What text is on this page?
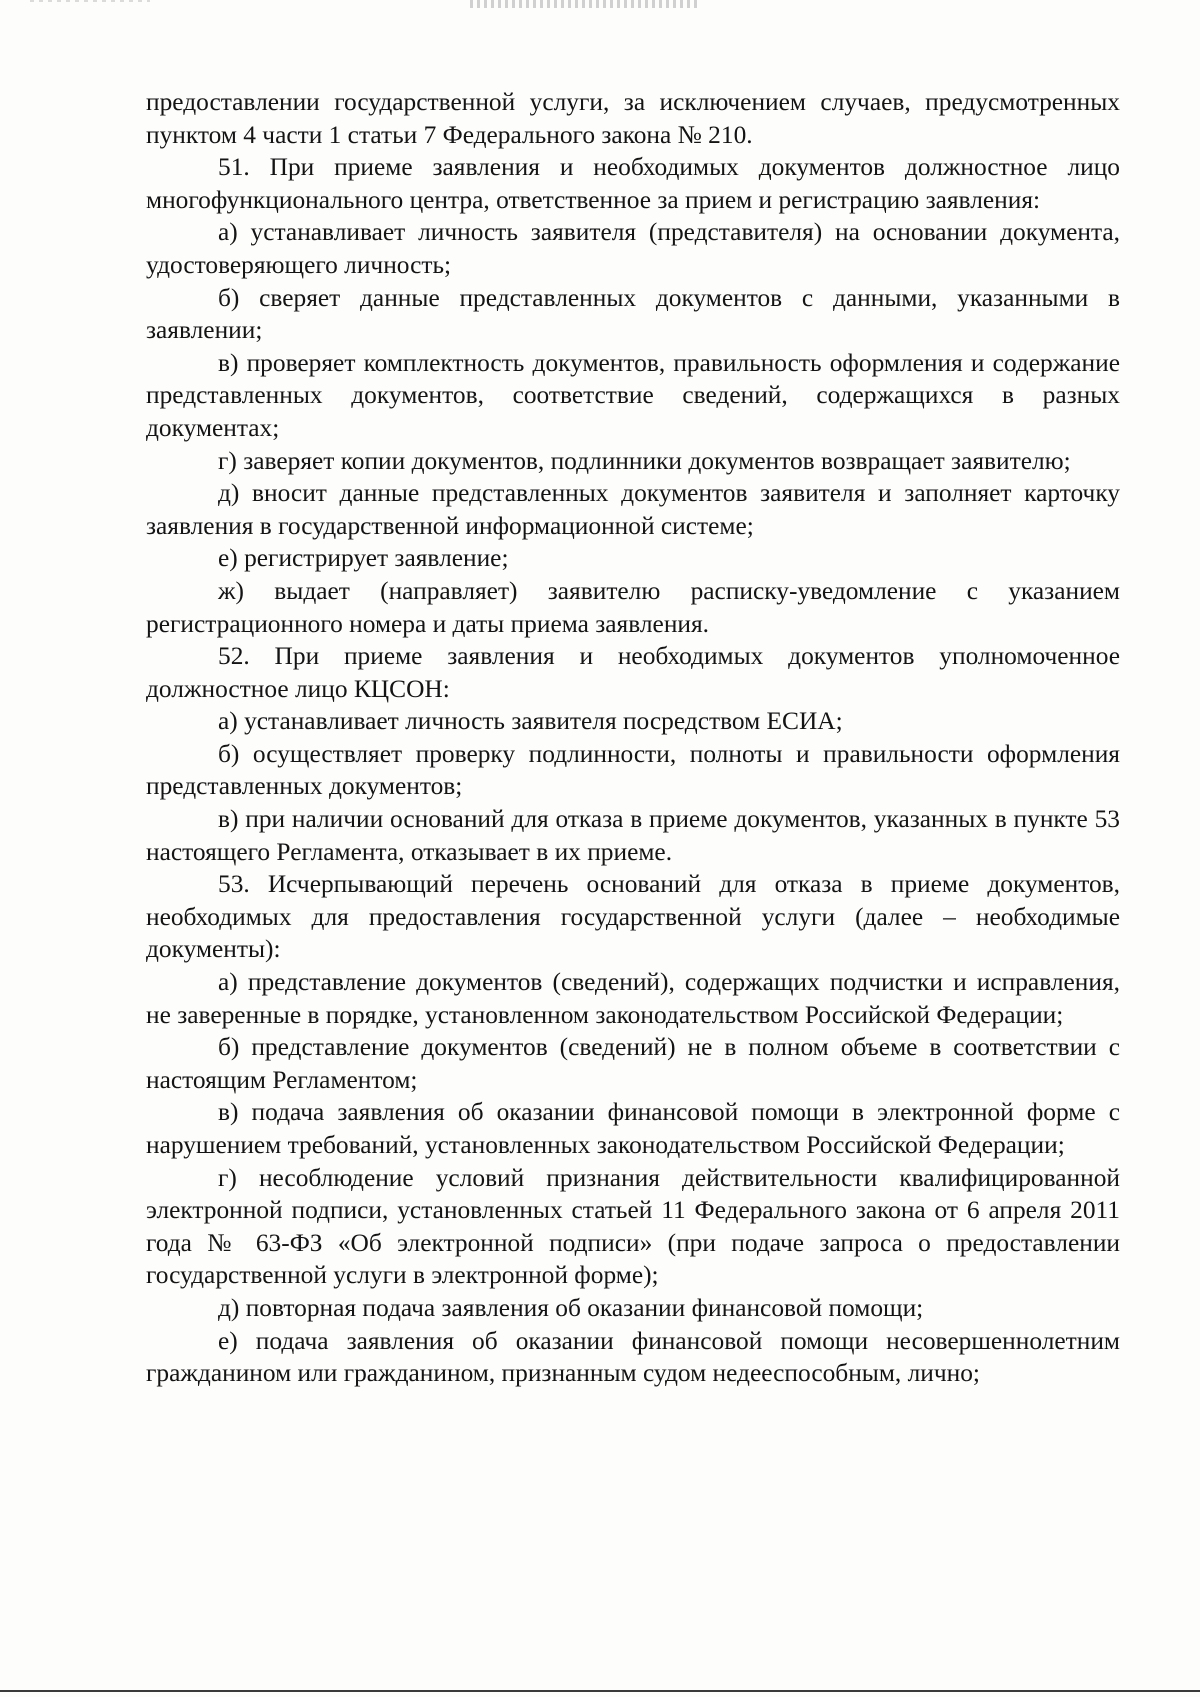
предоставлении государственной услуги, за исключением случаев, предусмотренных пунктом 4 части 1 статьи 7 Федерального закона № 210.

51. При приеме заявления и необходимых документов должностное лицо многофункционального центра, ответственное за прием и регистрацию заявления:

а) устанавливает личность заявителя (представителя) на основании документа, удостоверяющего личность;

б) сверяет данные представленных документов с данными, указанными в заявлении;

в) проверяет комплектность документов, правильность оформления и содержание представленных документов, соответствие сведений, содержащихся в разных документах;

г) заверяет копии документов, подлинники документов возвращает заявителю;

д) вносит данные представленных документов заявителя и заполняет карточку заявления в государственной информационной системе;

е) регистрирует заявление;

ж) выдает (направляет) заявителю расписку-уведомление с указанием регистрационного номера и даты приема заявления.

52. При приеме заявления и необходимых документов уполномоченное должностное лицо КЦСОН:

а) устанавливает личность заявителя посредством ЕСИА;

б) осуществляет проверку подлинности, полноты и правильности оформления представленных документов;

в) при наличии оснований для отказа в приеме документов, указанных в пункте 53 настоящего Регламента, отказывает в их приеме.

53. Исчерпывающий перечень оснований для отказа в приеме документов, необходимых для предоставления государственной услуги (далее – необходимые документы):

а) представление документов (сведений), содержащих подчистки и исправления, не заверенные в порядке, установленном законодательством Российской Федерации;

б) представление документов (сведений) не в полном объеме в соответствии с настоящим Регламентом;

в) подача заявления об оказании финансовой помощи в электронной форме с нарушением требований, установленных законодательством Российской Федерации;

г) несоблюдение условий признания действительности квалифицированной электронной подписи, установленных статьей 11 Федерального закона от 6 апреля 2011 года № 63-ФЗ «Об электронной подписи» (при подаче запроса о предоставлении государственной услуги в электронной форме);

д) повторная подача заявления об оказании финансовой помощи;

е) подача заявления об оказании финансовой помощи несовершеннолетним гражданином или гражданином, признанным судом недееспособным, лично;
